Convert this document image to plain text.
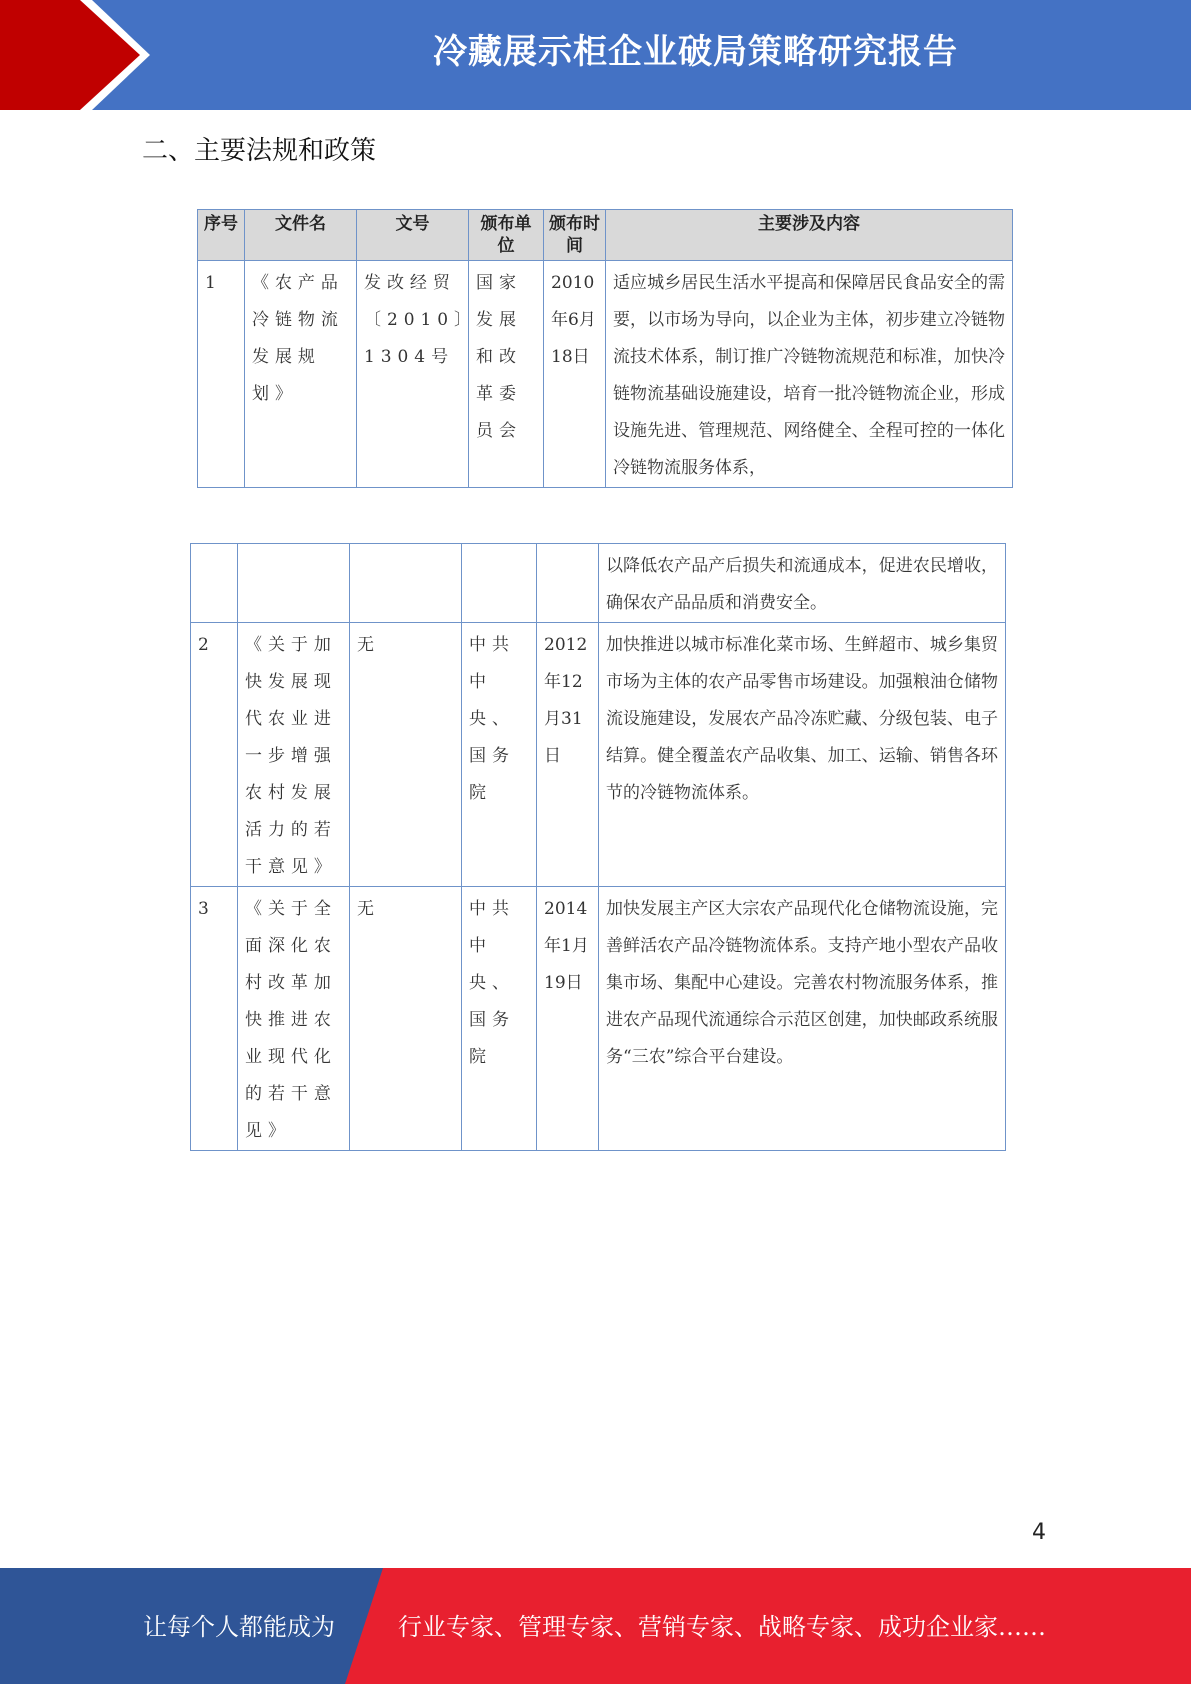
冷藏展示柜企业破局策略研究报告
二、主要法规和政策
序号	文件名	文号	颁布单位	颁布时间	主要涉及内容
1	《农产品冷链物流发展规划》	发改经贸〔2010〕1304号	国家发展和改革委员会	2010年6月18日	适应城乡居民生活水平提高和保障居民食品安全的需要，以市场为导向，以企业为主体，初步建立冷链物流技术体系，制订推广冷链物流规范和标准，加快冷链物流基础设施建设，培育一批冷链物流企业，形成设施先进、管理规范、网络健全、全程可控的一体化冷链物流服务体系，
					以降低农产品产后损失和流通成本，促进农民增收，确保农产品品质和消费安全。
2	《关于加快发展现代农业进一步增强农村发展活力的若干意见》	无	中共中央、国务院	2012年12月31日	加快推进以城市标准化菜市场、生鲜超市、城乡集贸市场为主体的农产品零售市场建设。加强粮油仓储物流设施建设，发展农产品冷冻贮藏、分级包装、电子结算。健全覆盖农产品收集、加工、运输、销售各环节的冷链物流体系。
3	《关于全面深化农村改革加快推进农业现代化的若干意见》	无	中共中央、国务院	2014年1月19日	加快发展主产区大宗农产品现代化仓储物流设施，完善鲜活农产品冷链物流体系。支持产地小型农产品收集市场、集配中心建设。完善农村物流服务体系，推进农产品现代流通综合示范区创建，加快邮政系统服务“三农”综合平台建设。
4
让每个人都能成为	行业专家、管理专家、营销专家、战略专家、成功企业家……
